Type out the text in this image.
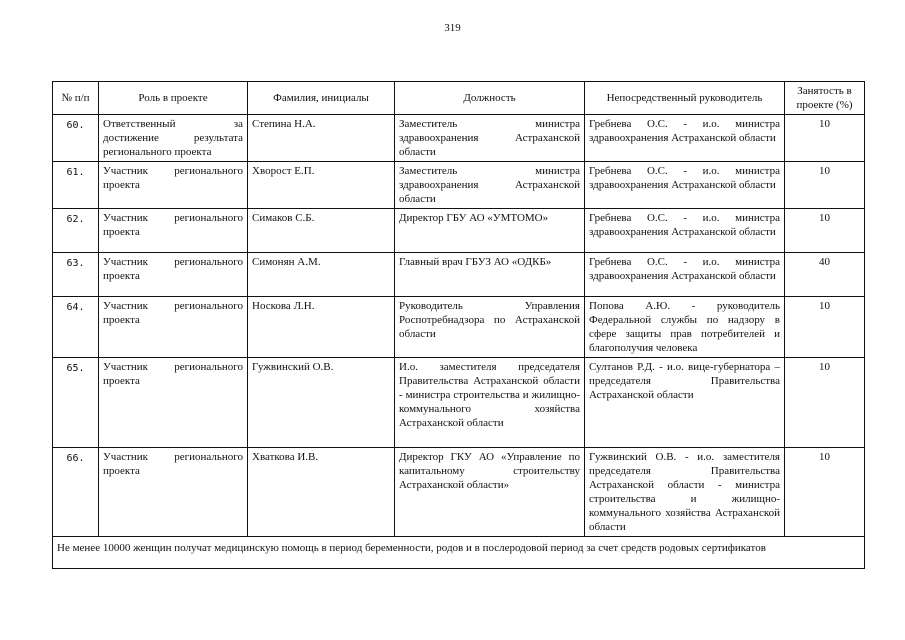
319
№ п/п	Роль в проекте	Фамилия, инициалы	Должность	Непосредственный руководитель	Занятость в проекте (%)
60.	Ответственный за достижение результата регионального проекта	Степина Н.А.	Заместитель министра здравоохранения Астраханской области	Гребнева О.С. - и.о. министра здравоохранения Астраханской области	10
61.	Участник регионального проекта	Хворост Е.П.	Заместитель министра здравоохранения Астраханской области	Гребнева О.С. - и.о. министра здравоохранения Астраханской области	10
62.	Участник регионального проекта	Симаков С.Б.	Директор ГБУ АО «УМТОМО»	Гребнева О.С. - и.о. министра здравоохранения Астраханской области	10
63.	Участник регионального проекта	Симонян А.М.	Главный врач ГБУЗ АО «ОДКБ»	Гребнева О.С. - и.о. министра здравоохранения Астраханской области	40
64.	Участник регионального проекта	Носкова Л.Н.	Руководитель Управления Роспотребнадзора по Астраханской области	Попова А.Ю. - руководитель Федеральной службы по надзору в сфере защиты прав потребителей и благополучия человека	10
65.	Участник регионального проекта	Гужвинский О.В.	И.о. заместителя председателя Правительства Астраханской области - министра строительства и жилищно-коммунального хозяйства Астраханской области	Султанов Р.Д. - и.о. вице-губернатора – председателя Правительства Астраханской области	10
66.	Участник регионального проекта	Хваткова И.В.	Директор ГКУ АО «Управление по капитальному строительству Астраханской области»	Гужвинский О.В. - и.о. заместителя председателя Правительства Астраханской области - министра строительства и жилищно-коммунального хозяйства Астраханской области	10
Не менее 10000 женщин получат медицинскую помощь в период беременности, родов и в послеродовой период за счет средств родовых сертификатов					
